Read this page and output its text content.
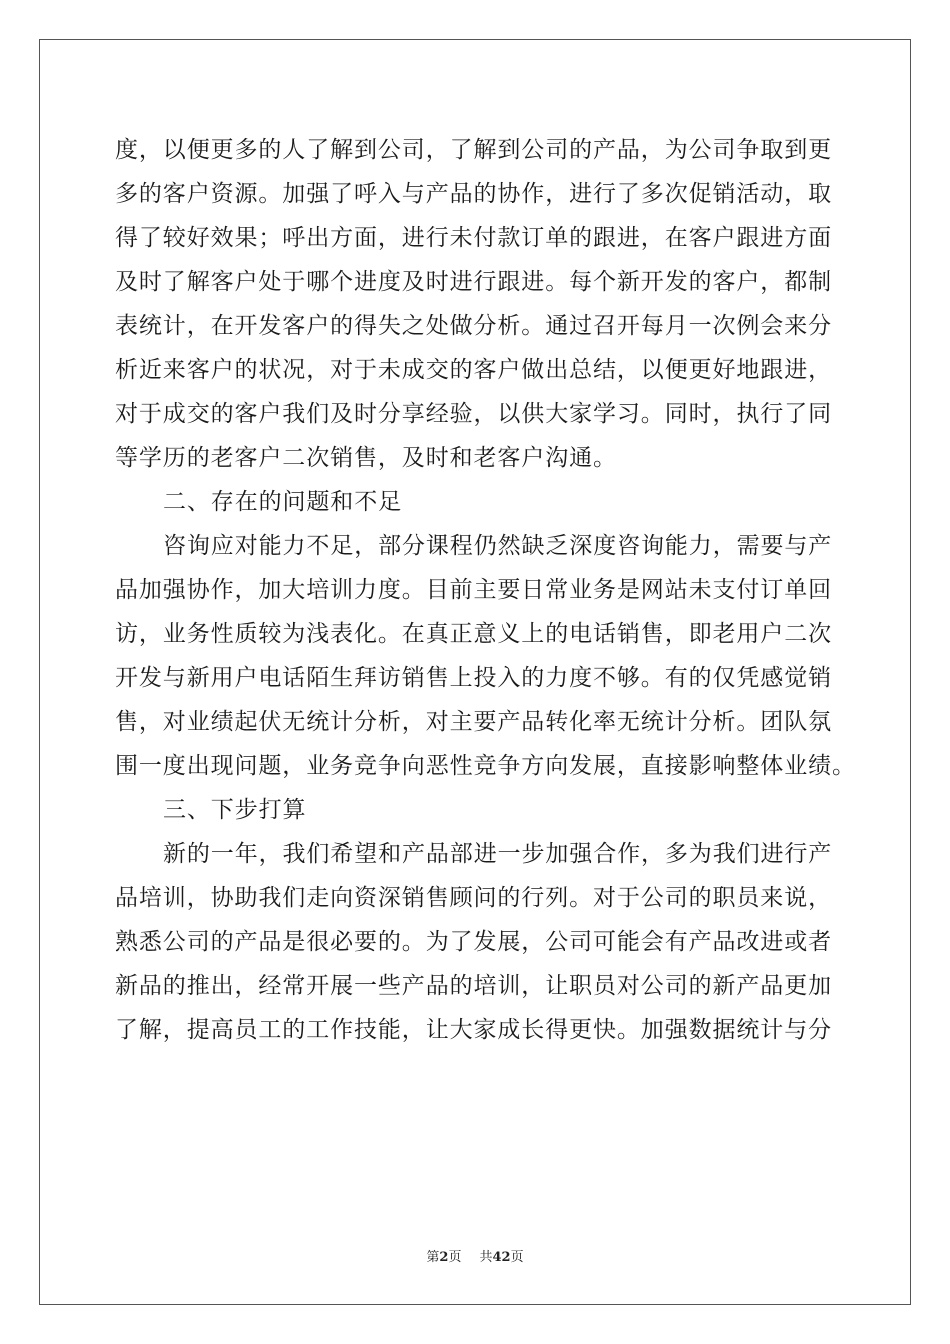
度，以便更多的人了解到公司，了解到公司的产品，为公司争取到更
多的客户资源。加强了呼入与产品的协作，进行了多次促销活动，取
得了较好效果；呼出方面，进行未付款订单的跟进，在客户跟进方面
及时了解客户处于哪个进度及时进行跟进。每个新开发的客户，都制
表统计，在开发客户的得失之处做分析。通过召开每月一次例会来分
析近来客户的状况，对于未成交的客户做出总结，以便更好地跟进，
对于成交的客户我们及时分享经验，以供大家学习。同时，执行了同
等学历的老客户二次销售，及时和老客户沟通。
二、存在的问题和不足
咨询应对能力不足，部分课程仍然缺乏深度咨询能力，需要与产
品加强协作，加大培训力度。目前主要日常业务是网站未支付订单回
访，业务性质较为浅表化。在真正意义上的电话销售，即老用户二次
开发与新用户电话陌生拜访销售上投入的力度不够。有的仅凭感觉销
售，对业绩起伏无统计分析，对主要产品转化率无统计分析。团队氛
围一度出现问题，业务竞争向恶性竞争方向发展，直接影响整体业绩。
三、下步打算
新的一年，我们希望和产品部进一步加强合作，多为我们进行产
品培训，协助我们走向资深销售顾问的行列。对于公司的职员来说，
熟悉公司的产品是很必要的。为了发展，公司可能会有产品改进或者
新品的推出，经常开展一些产品的培训，让职员对公司的新产品更加
了解，提高员工的工作技能，让大家成长得更快。加强数据统计与分
第2页 共42页
